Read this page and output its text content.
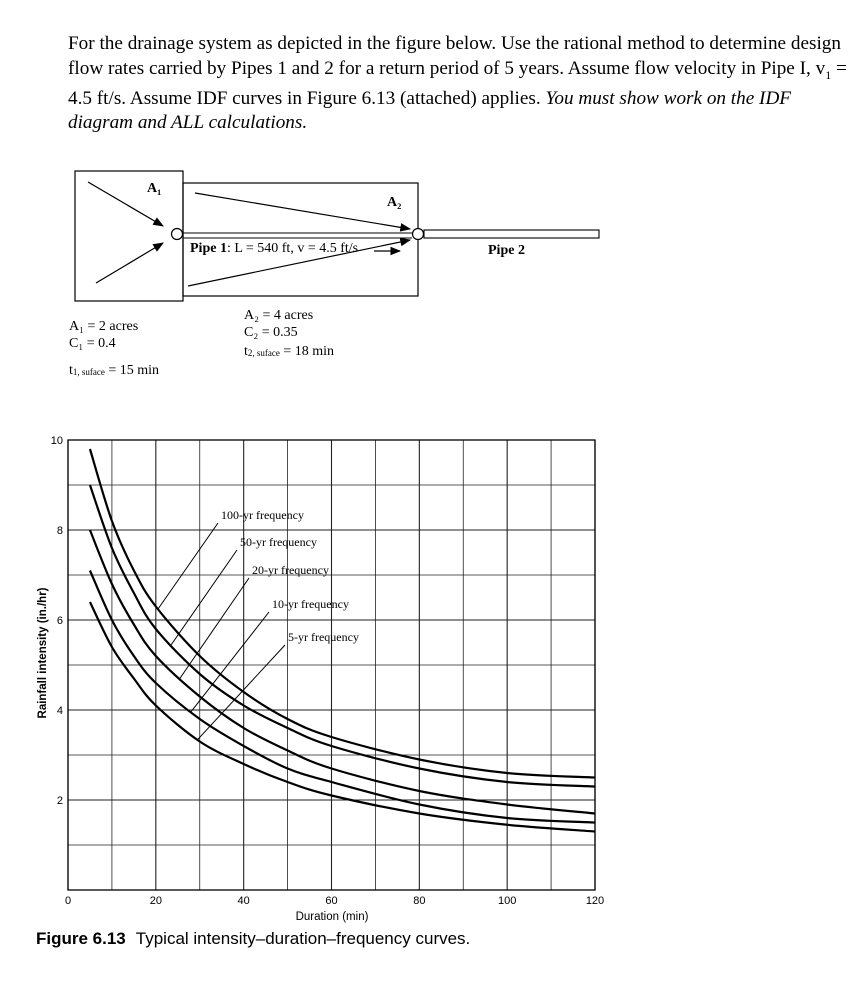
For the drainage system as depicted in the figure below. Use the rational method to determine design flow rates carried by Pipes 1 and 2 for a return period of 5 years. Assume flow velocity in Pipe I, $v_1 = 4.5$ ft/s. Assume IDF curves in Figure 6.13 (attached) applies. You must show work on the IDF diagram and ALL calculations.

A₁
A₂
Pipe 1: L = 540 ft, v = 4.5 ft/s	Pipe 2
A₁ = 2 acres
C₁ = 0.4
t1, suface = 15 min
A₂ = 4 acres
C₂ = 0.35
t2, suface = 18 min
0	20	40	60	80	100	120
2
4
6
8
10
100-yr frequency
50-yr frequency
20-yr frequency
10-yr frequency
5-yr frequency
Rainfall intensity (in./hr)
Duration (min)
Figure 6.13 Typical intensity–duration–frequency curves.
